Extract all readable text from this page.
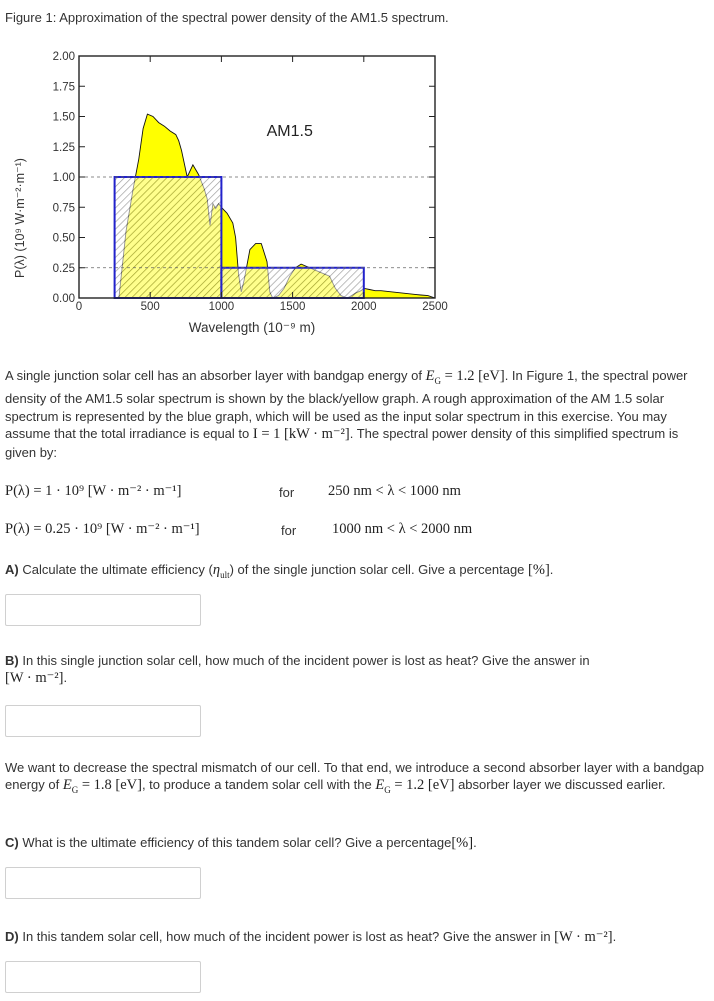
Figure 1: Approximation of the spectral power density of the AM1.5 spectrum.
P(λ) (10⁹ W·m⁻²·m⁻¹)
0.00
0.25
0.50
0.75
1.00
1.25
1.50
1.75
2.00
0	500	1000	1500	2000	2500
AM1.5
Wavelength (10⁻⁹ m)
A single junction solar cell has an absorber layer with bandgap energy of $E_G = 1.2$ [eV]. In Figure 1, the spectral power density of the AM1.5 solar spectrum is shown by the black/yellow graph. A rough approximation of the AM 1.5 solar spectrum is represented by the blue graph, which will be used as the input solar spectrum in this exercise. You may assume that the total irradiance is equal to I = 1 [kW · m⁻²]. The spectral power density of this simplified spectrum is given by:
P(λ) = 1 · 10⁹ [W · m⁻² · m⁻¹]	for 250 nm < λ < 1000 nm
P(λ) = 0.25 · 10⁹ [W · m⁻² · m⁻¹]	for 1000 nm < λ < 2000 nm
A) Calculate the ultimate efficiency $(\eta_{ult})$ of the single junction solar cell. Give a percentage [%].
B) In this single junction solar cell, how much of the incident power is lost as heat? Give the answer in
[W · m⁻²].
We want to decrease the spectral mismatch of our cell. To that end, we introduce a second absorber layer with a bandgap energy of $E_G = 1.8$ [eV], to produce a tandem solar cell with the $E_G = 1.2$ [eV] absorber layer we discussed earlier.
C) What is the ultimate efficiency of this tandem solar cell? Give a percentage[%].
D) In this tandem solar cell, how much of the incident power is lost as heat? Give the answer in [W · m⁻²].
